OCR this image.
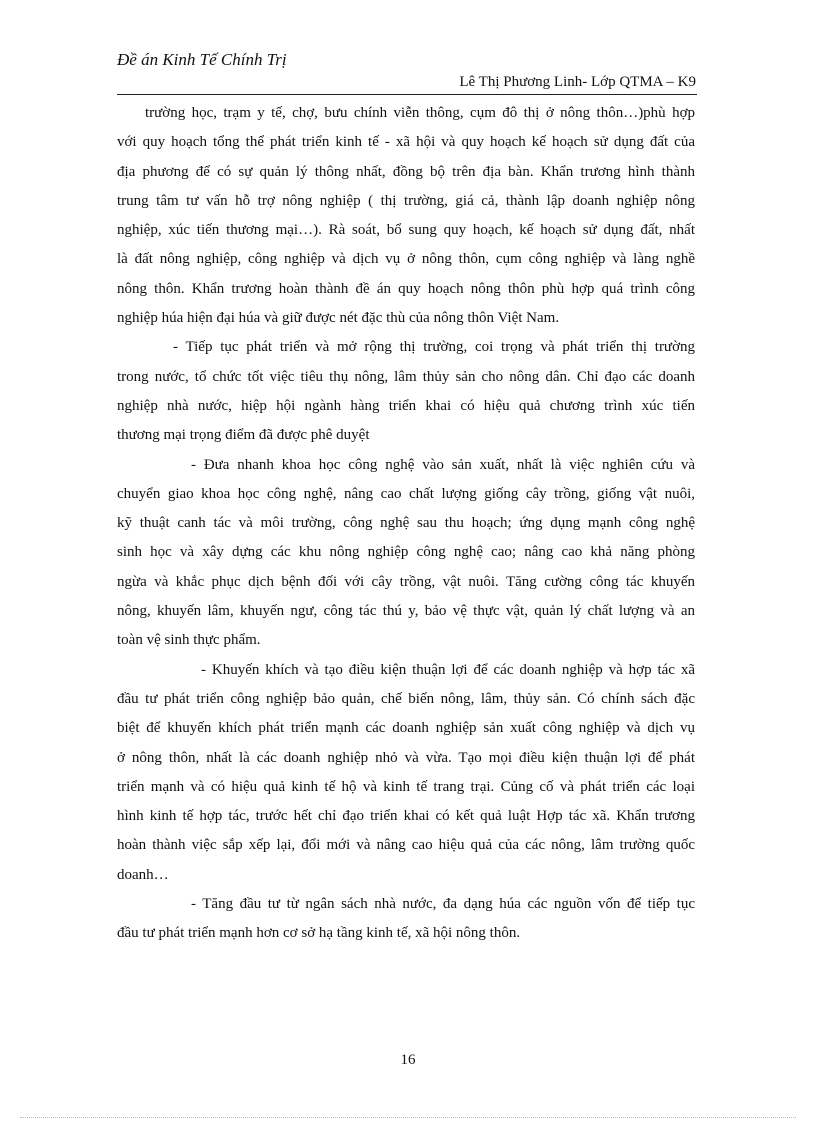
Đề án Kinh Tế Chính Trị
Lê Thị Phương Linh- Lớp QTMA – K9
trường học, trạm y tế, chợ, bưu chính viễn thông, cụm đô thị ở nông thôn…)phù hợp
với quy hoạch tổng thể phát triển kinh tế - xã hội và quy hoạch kế hoạch sử dụng đất của
địa phương để có sự quản lý thông nhất, đồng bộ trên địa bàn. Khẩn trương hình thành
trung tâm tư vấn hỗ trợ nông nghiệp ( thị trường, giá cả, thành lập doanh nghiệp nông
nghiệp, xúc tiến thương mại…). Rà soát, bổ sung quy hoạch, kế hoạch sử dụng đất, nhất
là đất nông nghiệp, công nghiệp và dịch vụ ở nông thôn, cụm công nghiệp và làng nghề
nông thôn. Khẩn trương hoàn thành đề án quy hoạch nông thôn phù hợp quá trình công
nghiệp húa hiện đại húa và giữ được nét đặc thù của nông thôn Việt Nam.
- Tiếp tục phát triển và mở rộng thị trường, coi trọng và phát triển thị trường
trong nước, tổ chức tốt việc tiêu thụ nông, lâm thủy sản cho nông dân. Chỉ đạo các doanh
nghiệp nhà nước, hiệp hội ngành hàng triển khai có hiệu quả chương trình xúc tiến
thương mại trọng điểm đã được phê duyệt
- Đưa nhanh khoa học công nghệ vào sản xuất, nhất là việc nghiên cứu và
chuyển giao khoa học công nghệ, nâng cao chất lượng giống cây trồng, giống vật nuôi,
kỹ thuật canh tác và môi trường, công nghệ sau thu hoạch; ứng dụng mạnh công nghệ
sinh học và xây dựng các khu nông nghiệp công nghệ cao; nâng cao khả năng phòng
ngừa và khắc phục dịch bệnh đối với cây trồng, vật nuôi. Tăng cường công tác khuyến
nông, khuyến lâm, khuyến ngư, công tác thú y, bảo vệ thực vật, quản lý chất lượng và an
toàn vệ sinh thực phẩm.
- Khuyến khích và tạo điều kiện thuận lợi để các doanh nghiệp và hợp tác xã
đầu tư phát triển công nghiệp bảo quản, chế biến nông, lâm, thủy sản. Có chính sách đặc
biệt để khuyến khích phát triển mạnh các doanh nghiệp sản xuất công nghiệp và dịch vụ
ở nông thôn, nhất là các doanh nghiệp nhỏ và vừa. Tạo mọi điều kiện thuận lợi để phát
triển mạnh và có hiệu quả kinh tế hộ và kinh tế trang trại. Củng cố và phát triển các loại
hình kinh tế hợp tác, trước hết chỉ đạo triển khai có kết quả luật Hợp tác xã. Khẩn trương
hoàn thành việc sắp xếp lại, đổi mới và nâng cao hiệu quả của các nông, lâm trường quốc
doanh…
- Tăng đầu tư từ ngân sách nhà nước, đa dạng húa các nguồn vốn để tiếp tục
đầu tư phát triển mạnh hơn cơ sở hạ tầng kinh tế, xã hội nông thôn.
16
